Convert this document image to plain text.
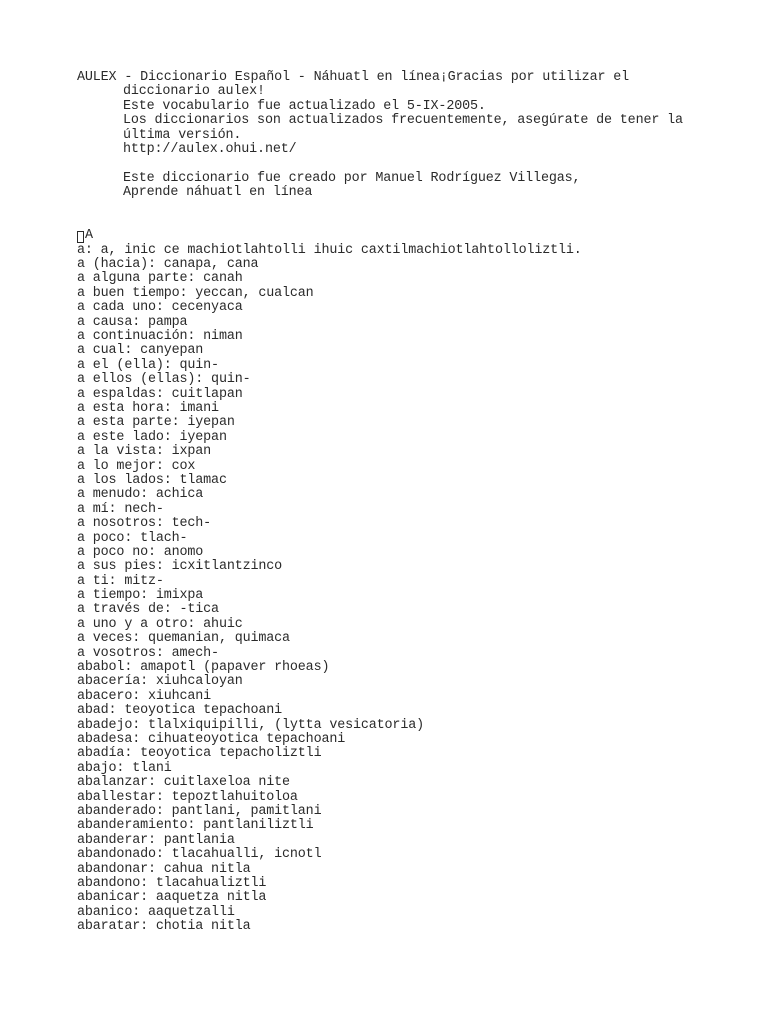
AULEX - Diccionario Español - Náhuatl en línea¡Gracias por utilizar el
diccionario aulex!
Este vocabulario fue actualizado el 5-IX-2005.
Los diccionarios son actualizados frecuentemente, asegúrate de tener la
última versión.
http://aulex.ohui.net/
Este diccionario fue creado por Manuel Rodríguez Villegas,
Aprende náhuatl en línea
A
a: a, inic ce machiotlahtolli ihuic caxtilmachiotlahtolloliztli.
a (hacia): canapa, cana
a alguna parte: canah
a buen tiempo: yeccan, cualcan
a cada uno: cecenyaca
a causa: pampa
a continuación: niman
a cual: canyepan
a el (ella): quin-
a ellos (ellas): quin-
a espaldas: cuitlapan
a esta hora: imani
a esta parte: iyepan
a este lado: iyepan
a la vista: ixpan
a lo mejor: cox
a los lados: tlamac
a menudo: achica
a mí: nech-
a nosotros: tech-
a poco: tlach-
a poco no: anomo
a sus pies: icxitlantzinco
a ti: mitz-
a tiempo: imixpa
a través de: -tica
a uno y a otro: ahuic
a veces: quemanian, quimaca
a vosotros: amech-
ababol: amapotl (papaver rhoeas)
abacería: xiuhcaloyan
abacero: xiuhcani
abad: teoyotica tepachoani
abadejo: tlalxiquipilli, (lytta vesicatoria)
abadesa: cihuateoyotica tepachoani
abadía: teoyotica tepacholiztli
abajo: tlani
abalanzar: cuitlaxeloa nite
aballestar: tepoztlahuitoloa
abanderado: pantlani, pamitlani
abanderamiento: pantlaniliztli
abanderar: pantlania
abandonado: tlacahualli, icnotl
abandonar: cahua nitla
abandono: tlacahualiztli
abanicar: aaquetza nitla
abanico: aaquetzalli
abaratar: chotia nitla
